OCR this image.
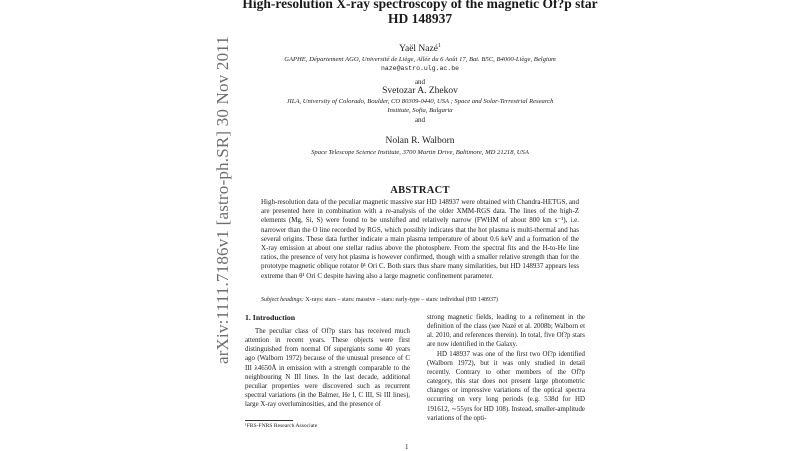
arXiv:1111.7186v1 [astro-ph.SR] 30 Nov 2011
High-resolution X-ray spectroscopy of the magnetic Of?p star
HD 148937
Yaël Nazé$^1$
GAPHE, Département AGO, Université de Liège, Allée du 6 Août 17, Bat. B5C, B4000-Liège, Belgium
naze@astro.ulg.ac.be
and
Svetozar A. Zhekov
JILA, University of Colorado, Boulder, CO 80309-0440, USA ; Space and Solar-Terrestrial Research
Institute, Sofia, Bulgaria
and
Nolan R. Walborn
Space Telescope Science Institute, 3700 Martin Drive, Baltimore, MD 21218, USA
ABSTRACT

High-resolution data of the peculiar magnetic massive star HD 148937 were obtained with Chandra-HETGS, and are presented here in combination with a re-analysis of the older XMM-RGS data. The lines of the high-Z elements (Mg, Si, S) were found to be unshifted and relatively narrow (FWHM of about 800 km s⁻¹), i.e. narrower than the O line recorded by RGS, which possibly indicates that the hot plasma is multi-thermal and has several origins. These data further indicate a main plasma temperature of about 0.6 keV and a formation of the X-ray emission at about one stellar radius above the photosphere. From the spectral fits and the H-to-He line ratios, the presence of very hot plasma is however confirmed, though with a smaller relative strength than for the prototype magnetic oblique rotator θ¹ Ori C. Both stars thus share many similarities, but HD 148937 appears less extreme than θ¹ Ori C despite having also a large magnetic confinement parameter.

Subject headings: X-rays: stars – stars: massive – stars: early-type – stars: individual (HD 148937)

1. Introduction

The peculiar class of Of?p stars has received much attention in recent years. These objects were first distinguished from normal Of supergiants some 40 years ago (Walborn 1972) because of the unusual presence of C III λ4650Å in emission with a strength comparable to the neighbouring N III lines. In the last decade, additional peculiar properties were discovered such as recurrent spectral variations (in the Balmer, He I, C III, Si III lines), large X-ray overluminosities, and the presence of

strong magnetic fields, leading to a refinement in the definition of the class (see Nazé et al. 2008b; Walborn et al. 2010, and references therein). In total, five Of?p stars are now identified in the Galaxy.

HD 148937 was one of the first two Of?p identified (Walborn 1972), but it was only studied in detail recently. Contrary to other members of the Of?p category, this star does not present large photometric changes or impressive variations of the optical spectra occurring on very long periods (e.g. 538d for HD 191612, ∼55yrs for HD 108). Instead, smaller-amplitude variations of the opti-

¹FRS-FNRS Research Associate
1
